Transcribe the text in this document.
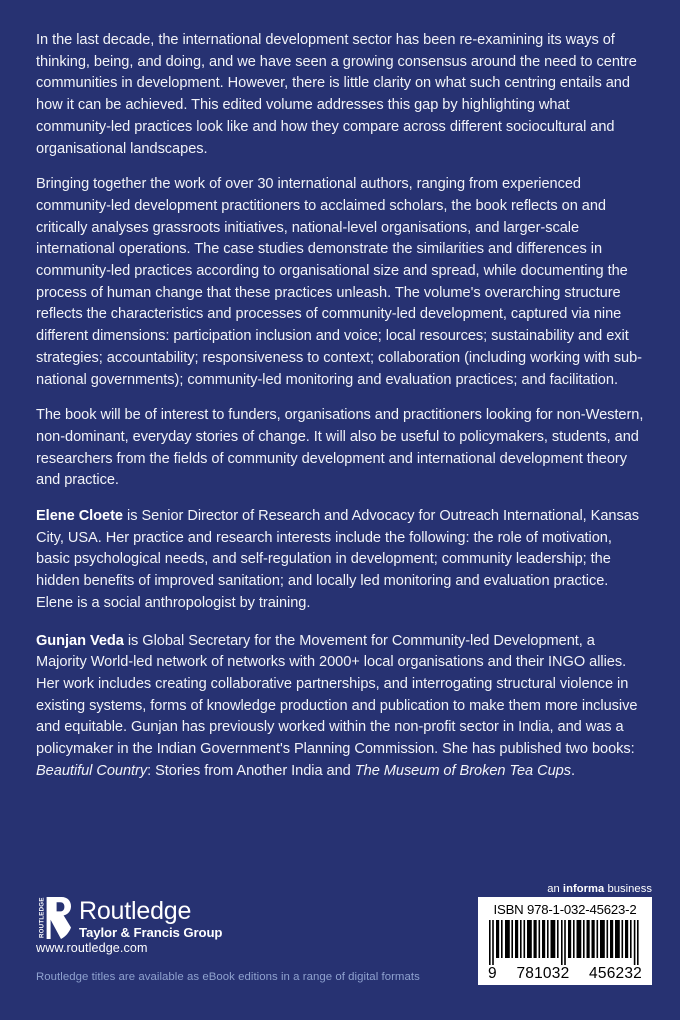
In the last decade, the international development sector has been re-examining its ways of thinking, being, and doing, and we have seen a growing consensus around the need to centre communities in development. However, there is little clarity on what such centring entails and how it can be achieved. This edited volume addresses this gap by highlighting what community-led practices look like and how they compare across different sociocultural and organisational landscapes.

Bringing together the work of over 30 international authors, ranging from experienced community-led development practitioners to acclaimed scholars, the book reflects on and critically analyses grassroots initiatives, national-level organisations, and larger-scale international operations. The case studies demonstrate the similarities and differences in community-led practices according to organisational size and spread, while documenting the process of human change that these practices unleash. The volume's overarching structure reflects the characteristics and processes of community-led development, captured via nine different dimensions: participation inclusion and voice; local resources; sustainability and exit strategies; accountability; responsiveness to context; collaboration (including working with sub-national governments); community-led monitoring and evaluation practices; and facilitation.

The book will be of interest to funders, organisations and practitioners looking for non-Western, non-dominant, everyday stories of change. It will also be useful to policymakers, students, and researchers from the fields of community development and international development theory and practice.

Elene Cloete is Senior Director of Research and Advocacy for Outreach International, Kansas City, USA. Her practice and research interests include the following: the role of motivation, basic psychological needs, and self-regulation in development; community leadership; the hidden benefits of improved sanitation; and locally led monitoring and evaluation practice. Elene is a social anthropologist by training.

Gunjan Veda is Global Secretary for the Movement for Community-led Development, a Majority World-led network of networks with 2000+ local organisations and their INGO allies. Her work includes creating collaborative partnerships, and interrogating structural violence in existing systems, forms of knowledge production and publication to make them more inclusive and equitable. Gunjan has previously worked within the non-profit sector in India, and was a policymaker in the Indian Government's Planning Commission. She has published two books: Beautiful Country: Stories from Another India and The Museum of Broken Tea Cups.

ROUTLEDGE Routledge
Taylor & Francis Group
www.routledge.com
Routledge titles are available as eBook editions in a range of digital formats
an informa business
ISBN 978-1-032-45623-2
9 781032 456232
